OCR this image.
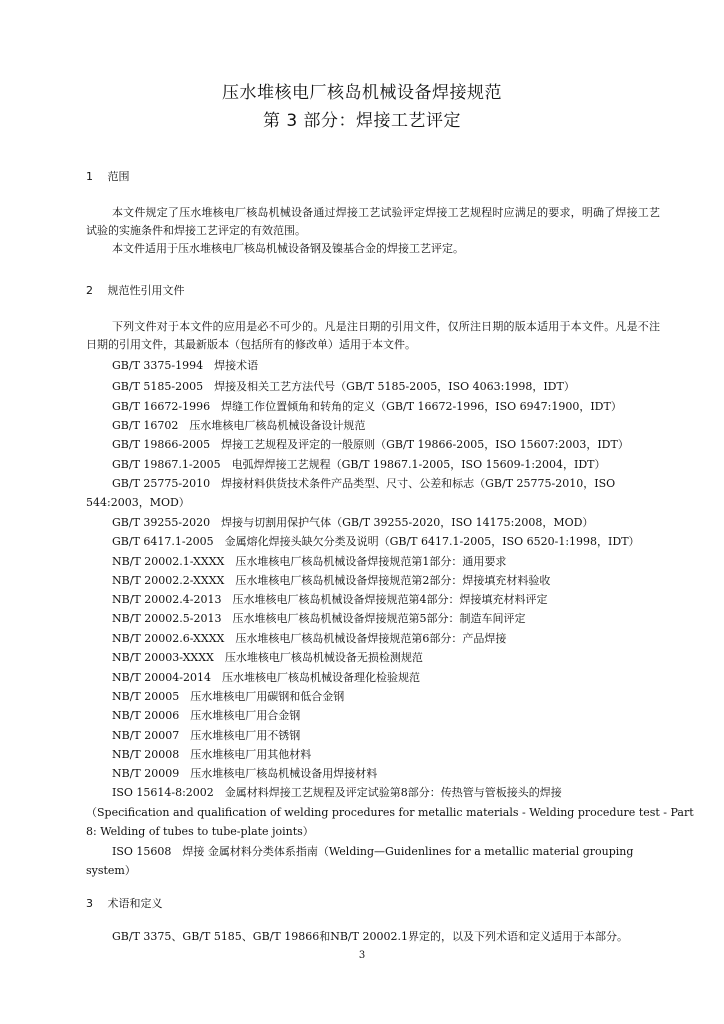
压水堆核电厂核岛机械设备焊接规范
第 3 部分：焊接工艺评定
1 范围
本文件规定了压水堆核电厂核岛机械设备通过焊接工艺试验评定焊接工艺规程时应满足的要求，明确了焊接工艺试验的实施条件和焊接工艺评定的有效范围。
本文件适用于压水堆核电厂核岛机械设备钢及镍基合金的焊接工艺评定。
2 规范性引用文件
下列文件对于本文件的应用是必不可少的。凡是注日期的引用文件，仅所注日期的版本适用于本文件。凡是不注日期的引用文件，其最新版本（包括所有的修改单）适用于本文件。
GB/T 3375-1994　焊接术语
GB/T 5185-2005　焊接及相关工艺方法代号（GB/T 5185-2005，ISO 4063:1998，IDT）
GB/T 16672-1996　焊缝工作位置倾角和转角的定义（GB/T 16672-1996，ISO 6947:1900，IDT）
GB/T 16702　压水堆核电厂核岛机械设备设计规范
GB/T 19866-2005　焊接工艺规程及评定的一般原则（GB/T 19866-2005，ISO 15607:2003，IDT）
GB/T 19867.1-2005　电弧焊焊接工艺规程（GB/T 19867.1-2005，ISO 15609-1:2004，IDT）
GB/T 25775-2010　焊接材料供货技术条件产品类型、尺寸、公差和标志（GB/T 25775-2010，ISO
544:2003，MOD）
GB/T 39255-2020　焊接与切割用保护气体（GB/T 39255-2020，ISO 14175:2008，MOD）
GB/T 6417.1-2005　金属熔化焊接头缺欠分类及说明（GB/T 6417.1-2005，ISO 6520-1:1998，IDT）
NB/T 20002.1-XXXX　压水堆核电厂核岛机械设备焊接规范第1部分：通用要求
NB/T 20002.2-XXXX　压水堆核电厂核岛机械设备焊接规范第2部分：焊接填充材料验收
NB/T 20002.4-2013　压水堆核电厂核岛机械设备焊接规范第4部分：焊接填充材料评定
NB/T 20002.5-2013　压水堆核电厂核岛机械设备焊接规范第5部分：制造车间评定
NB/T 20002.6-XXXX　压水堆核电厂核岛机械设备焊接规范第6部分：产品焊接
NB/T 20003-XXXX　压水堆核电厂核岛机械设备无损检测规范
NB/T 20004-2014　压水堆核电厂核岛机械设备理化检验规范
NB/T 20005　压水堆核电厂用碳钢和低合金钢
NB/T 20006　压水堆核电厂用合金钢
NB/T 20007　压水堆核电厂用不锈钢
NB/T 20008　压水堆核电厂用其他材料
NB/T 20009　压水堆核电厂核岛机械设备用焊接材料
ISO 15614-8:2002　金属材料焊接工艺规程及评定试验第8部分：传热管与管板接头的焊接
（Specification and qualification of welding procedures for metallic materials - Welding procedure test - Part
8: Welding of tubes to tube-plate joints）
ISO 15608　焊接 金属材料分类体系指南（Welding—Guidenlines for a metallic material grouping
system）
3 术语和定义
GB/T 3375、GB/T 5185、GB/T 19866和NB/T 20002.1界定的，以及下列术语和定义适用于本部分。
3
